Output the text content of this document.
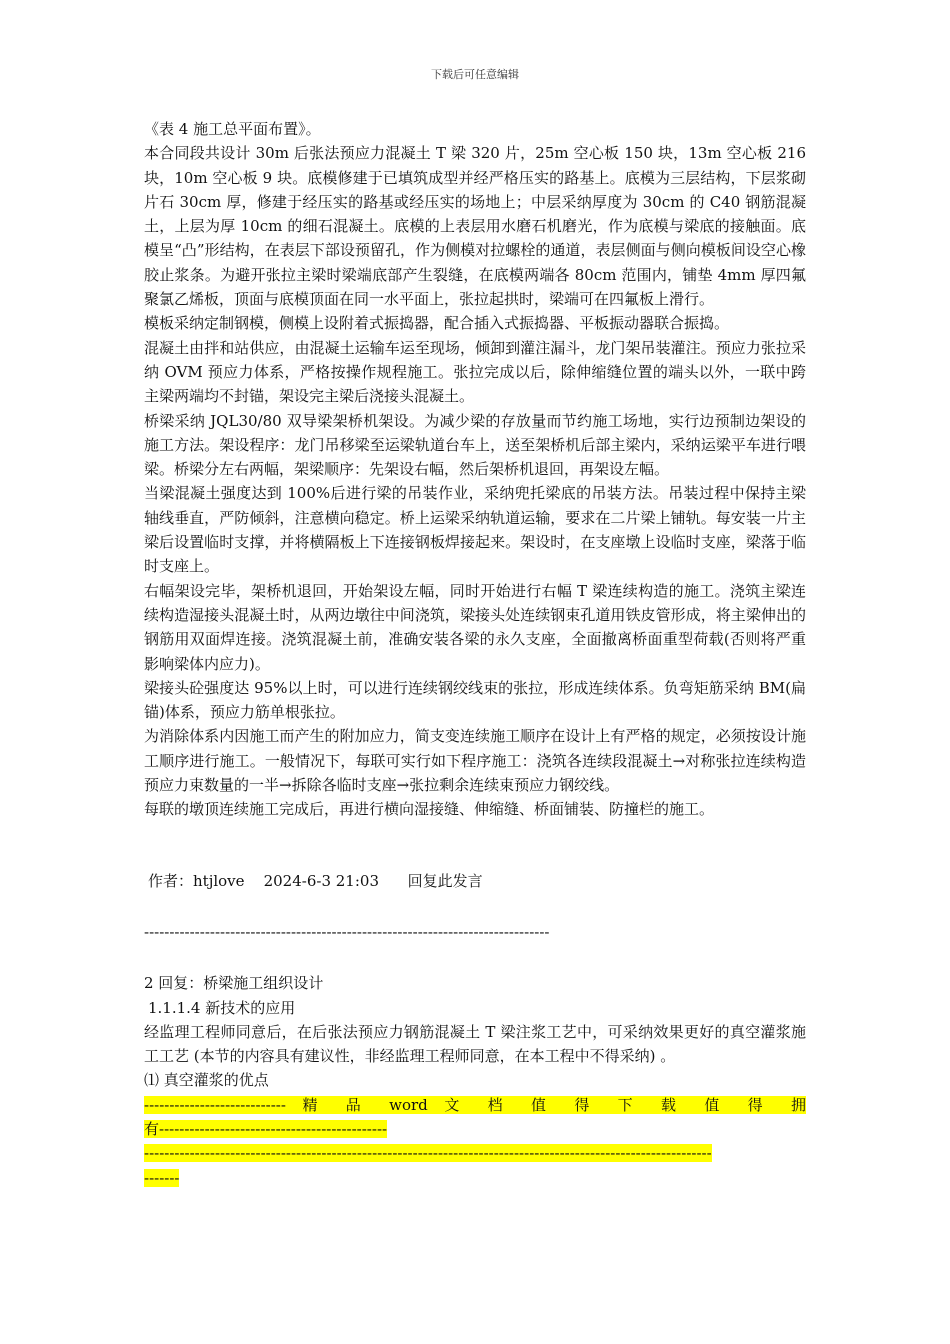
下载后可任意编辑

《表 4 施工总平面布置》。

本合同段共设计 30m 后张法预应力混凝土 T 梁 320 片，25m 空心板 150 块，13m 空心板 216 块，10m 空心板 9 块。底模修建于已填筑成型并经严格压实的路基上。底模为三层结构，下层浆砌片石 30cm 厚，修建于经压实的路基或经压实的场地上；中层采纳厚度为 30cm 的 C40 钢筋混凝土，上层为厚 10cm 的细石混凝土。底模的上表层用水磨石机磨光，作为底模与梁底的接触面。底模呈“凸”形结构，在表层下部设预留孔，作为侧模对拉螺栓的通道，表层侧面与侧向模板间设空心橡胶止浆条。为避开张拉主梁时梁端底部产生裂缝，在底模两端各 80cm 范围内，铺垫 4mm 厚四氟聚氯乙烯板，顶面与底模顶面在同一水平面上，张拉起拱时，梁端可在四氟板上滑行。

模板采纳定制钢模，侧模上设附着式振捣器，配合插入式振捣器、平板振动器联合振捣。

混凝土由拌和站供应，由混凝土运输车运至现场，倾卸到灌注漏斗，龙门架吊装灌注。预应力张拉采纳 OVM 预应力体系，严格按操作规程施工。张拉完成以后，除伸缩缝位置的端头以外，一联中跨主梁两端均不封锚，架设完主梁后浇接头混凝土。

桥梁采纳 JQL30/80 双导梁架桥机架设。为减少梁的存放量而节约施工场地，实行边预制边架设的施工方法。架设程序：龙门吊移梁至运梁轨道台车上，送至架桥机后部主梁内，采纳运梁平车进行喂梁。桥梁分左右两幅，架梁顺序：先架设右幅，然后架桥机退回，再架设左幅。

当梁混凝土强度达到 100%后进行梁的吊装作业，采纳兜托梁底的吊装方法。吊装过程中保持主梁轴线垂直，严防倾斜，注意横向稳定。桥上运梁采纳轨道运输，要求在二片梁上铺轨。每安装一片主梁后设置临时支撑，并将横隔板上下连接钢板焊接起来。架设时，在支座墩上设临时支座，梁落于临时支座上。

右幅架设完毕，架桥机退回，开始架设左幅，同时开始进行右幅 T 梁连续构造的施工。浇筑主梁连续构造湿接头混凝土时，从两边墩往中间浇筑，梁接头处连续钢束孔道用铁皮管形成，将主梁伸出的钢筋用双面焊连接。浇筑混凝土前，准确安装各梁的永久支座，全面撤离桥面重型荷载(否则将严重影响梁体内应力)。

梁接头砼强度达 95%以上时，可以进行连续钢绞线束的张拉，形成连续体系。负弯矩筋采纳 BM(扁锚)体系，预应力筋单根张拉。

为消除体系内因施工而产生的附加应力，简支变连续施工顺序在设计上有严格的规定，必须按设计施工顺序进行施工。一般情况下，每联可实行如下程序施工：浇筑各连续段混凝土→对称张拉连续构造预应力束数量的一半→拆除各临时支座→张拉剩余连续束预应力钢绞线。

每联的墩顶连续施工完成后，再进行横向湿接缝、伸缩缝、桥面铺装、防撞栏的施工。

作者：htjlove    2024-6-3 21:03      回复此发言

--------------------------------------------------------------------------------

2 回复：桥梁施工组织设计

1.1.1.4 新技术的应用

经监理工程师同意后，在后张法预应力钢筋混凝土 T 梁注浆工艺中，可采纳效果更好的真空灌浆施工工艺 (本节的内容具有建议性，非经监理工程师同意，在本工程中不得采纳) 。

⑴ 真空灌浆的优点

---------------------------- 精 品 word 文 档 值 得 下 载 值 得 拥

有---------------------------------------------

----------------------------------------------------------------------------------------------------------------

-------
